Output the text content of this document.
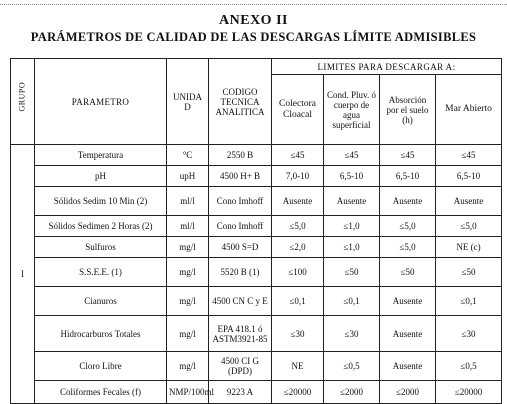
ANEXO II
PARÁMETROS DE CALIDAD DE LAS DESCARGAS LÍMITE ADMISIBLES
GRUPO	PARAMETRO	UNIDA D	CODIGO TECNICA ANALITICA	LIMITES PARA DESCARGAR A:			
				Colectora Cloacal	Cond. Pluv. ó cuerpo de agua superficial	Absorción por el suelo (h)	Mar Abierto
I	Temperatura	°C	2550 B	≤45	≤45	≤45	≤45
	pH	upH	4500 H+ B	7,0-10	6,5-10	6,5-10	6,5-10
	Sólidos Sedim 10 Min (2)	ml/l	Cono Imhoff	Ausente	Ausente	Ausente	Ausente
	Sólidos Sedimen 2 Horas (2)	ml/l	Cono Imhoff	≤5,0	≤1,0	≤5,0	≤5,0
	Sulfuros	mg/l	4500 S=D	≤2,0	≤1,0	≤5,0	NE (c)
	S.S.E.E. (1)	mg/l	5520 B (1)	≤100	≤50	≤50	≤50
	Cianuros	mg/l	4500 CN C y E	≤0,1	≤0,1	Ausente	≤0,1
	Hidrocarburos Totales	mg/l	EPA 418.1 ó ASTM3921-85	≤30	≤30	Ausente	≤30
	Cloro Libre	mg/l	4500 CI G (DPD)	NE	≤0,5	Ausente	≤0,5
	Coliformes Fecales (f)	NMP/100ml	9223 A	≤20000	≤2000	≤2000	≤20000
